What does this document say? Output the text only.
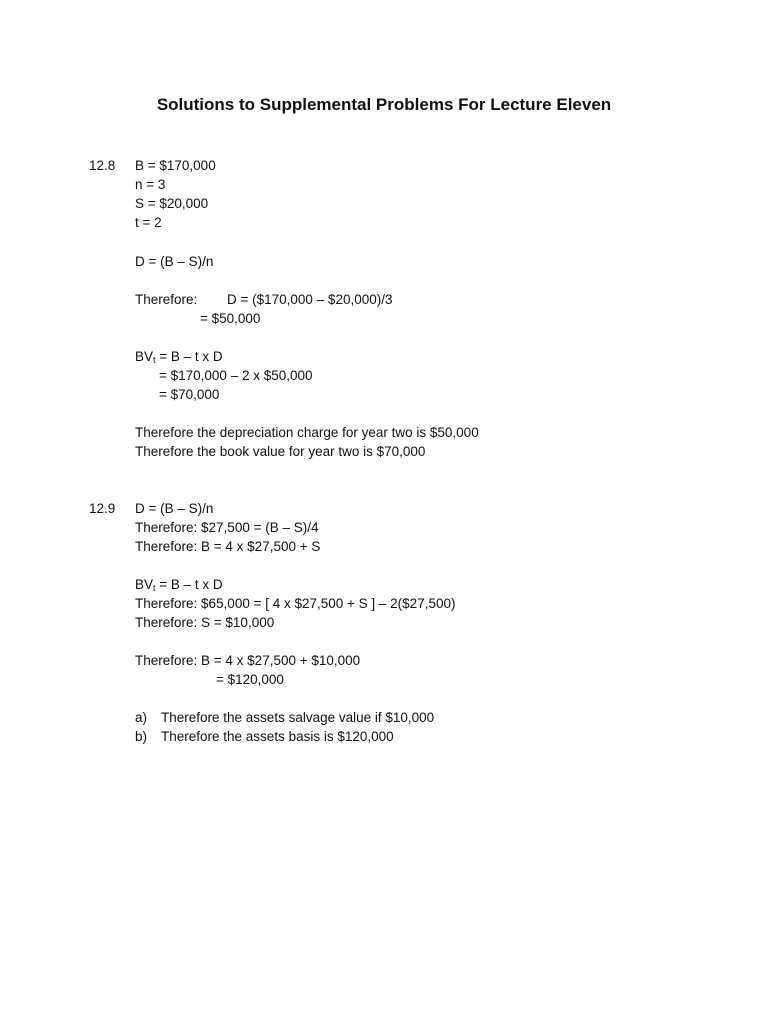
Solutions to Supplemental Problems For Lecture Eleven
12.8 B = $170,000
n = 3
S = $20,000
t = 2
D = (B – S)/n
Therefore: D = ($170,000 – $20,000)/3
= $50,000
$BV_t = B - t$ x D
= $170,000 – 2 x $50,000
= $70,000
Therefore the depreciation charge for year two is $50,000
Therefore the book value for year two is $70,000
12.9 D = (B – S)/n
Therefore: $27,500 = (B – S)/4
Therefore: B = 4 x $27,500 + S
$BV_t = B - t$ x D
Therefore: $65,000 = [ 4 x $27,500 + S ] – 2($27,500)
Therefore: S = $10,000
Therefore: B = 4 x $27,500 + $10,000
= $120,000
a) Therefore the assets salvage value if $10,000
b) Therefore the assets basis is $120,000
